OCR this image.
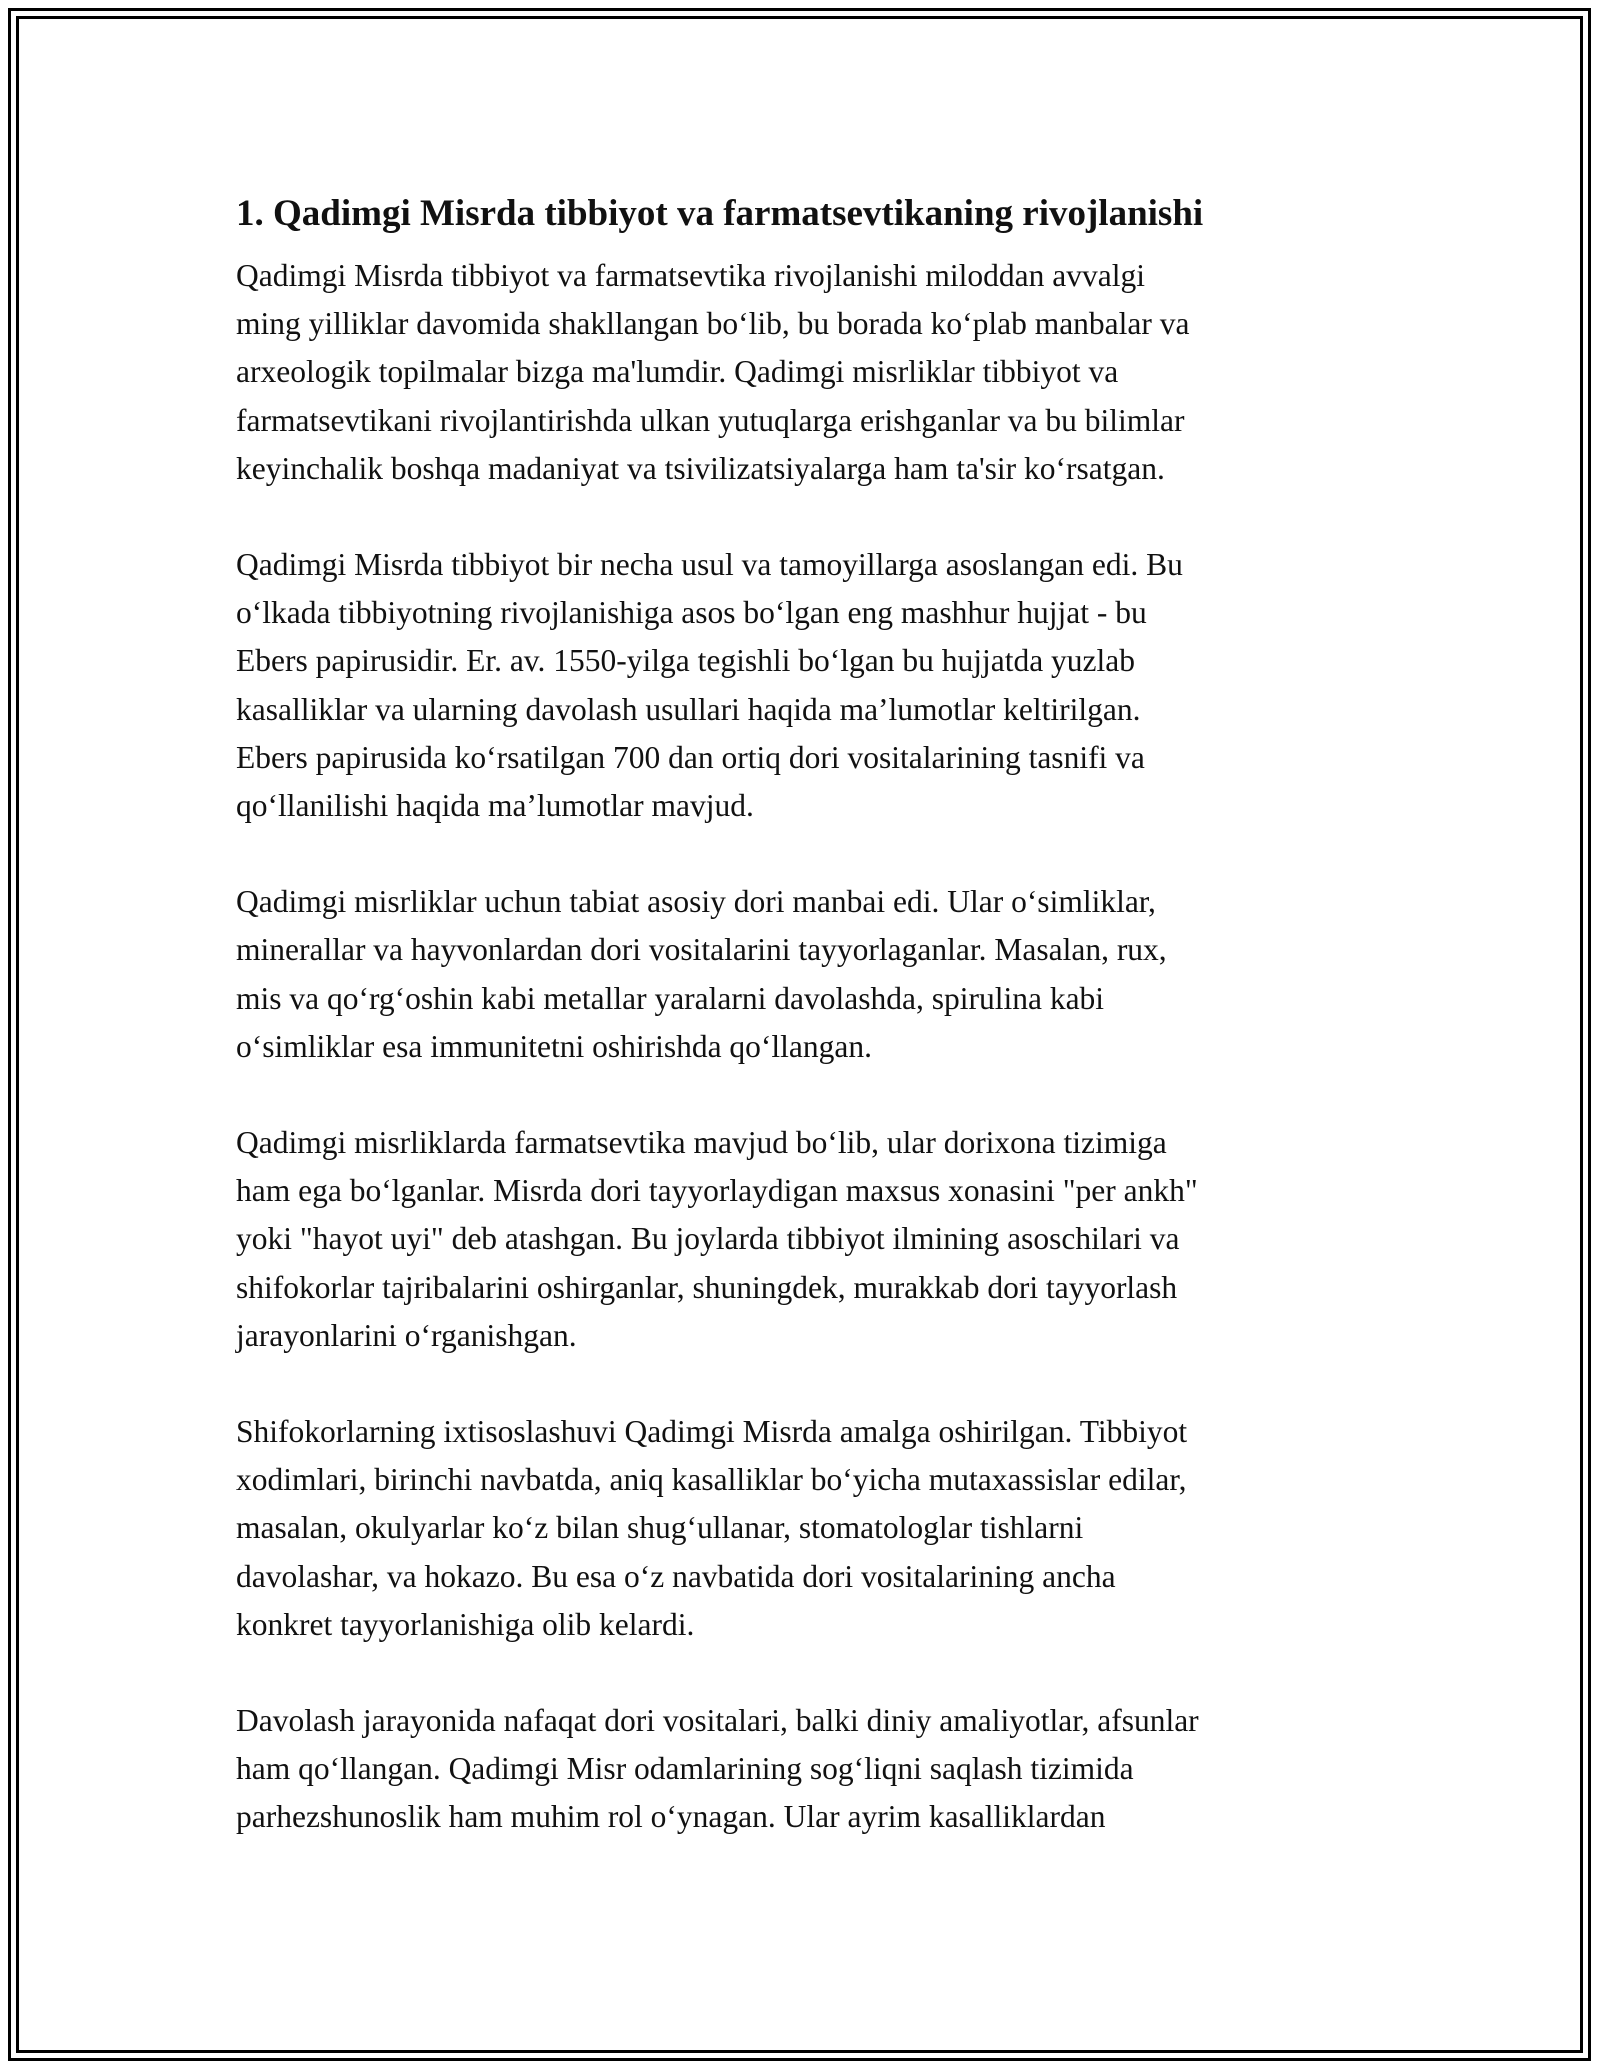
1. Qadimgi Misrda tibbiyot va farmatsevtikaning rivojlanishi

Qadimgi Misrda tibbiyot va farmatsevtika rivojlanishi miloddan avvalgi
ming yilliklar davomida shakllangan bo‘lib, bu borada ko‘plab manbalar va
arxeologik topilmalar bizga ma'lumdir. Qadimgi misrliklar tibbiyot va
farmatsevtikani rivojlantirishda ulkan yutuqlarga erishganlar va bu bilimlar
keyinchalik boshqa madaniyat va tsivilizatsiyalarga ham ta'sir ko‘rsatgan.

Qadimgi Misrda tibbiyot bir necha usul va tamoyillarga asoslangan edi. Bu
o‘lkada tibbiyotning rivojlanishiga asos bo‘lgan eng mashhur hujjat - bu
Ebers papirusidir. Er. av. 1550-yilga tegishli bo‘lgan bu hujjatda yuzlab
kasalliklar va ularning davolash usullari haqida ma’lumotlar keltirilgan.
Ebers papirusida ko‘rsatilgan 700 dan ortiq dori vositalarining tasnifi va
qo‘llanilishi haqida ma’lumotlar mavjud.

Qadimgi misrliklar uchun tabiat asosiy dori manbai edi. Ular o‘simliklar,
minerallar va hayvonlardan dori vositalarini tayyorlaganlar. Masalan, rux,
mis va qo‘rg‘oshin kabi metallar yaralarni davolashda, spirulina kabi
o‘simliklar esa immunitetni oshirishda qo‘llangan.

Qadimgi misrliklarda farmatsevtika mavjud bo‘lib, ular dorixona tizimiga
ham ega bo‘lganlar. Misrda dori tayyorlaydigan maxsus xonasini "per ankh"
yoki "hayot uyi" deb atashgan. Bu joylarda tibbiyot ilmining asoschilari va
shifokorlar tajribalarini oshirganlar, shuningdek, murakkab dori tayyorlash
jarayonlarini o‘rganishgan.

Shifokorlarning ixtisoslashuvi Qadimgi Misrda amalga oshirilgan. Tibbiyot
xodimlari, birinchi navbatda, aniq kasalliklar bo‘yicha mutaxassislar edilar,
masalan, okulyarlar ko‘z bilan shug‘ullanar, stomatologlar tishlarni
davolashar, va hokazo. Bu esa o‘z navbatida dori vositalarining ancha
konkret tayyorlanishiga olib kelardi.

Davolash jarayonida nafaqat dori vositalari, balki diniy amaliyotlar, afsunlar
ham qo‘llangan. Qadimgi Misr odamlarining sog‘liqni saqlash tizimida
parhezshunoslik ham muhim rol o‘ynagan. Ular ayrim kasalliklardan
